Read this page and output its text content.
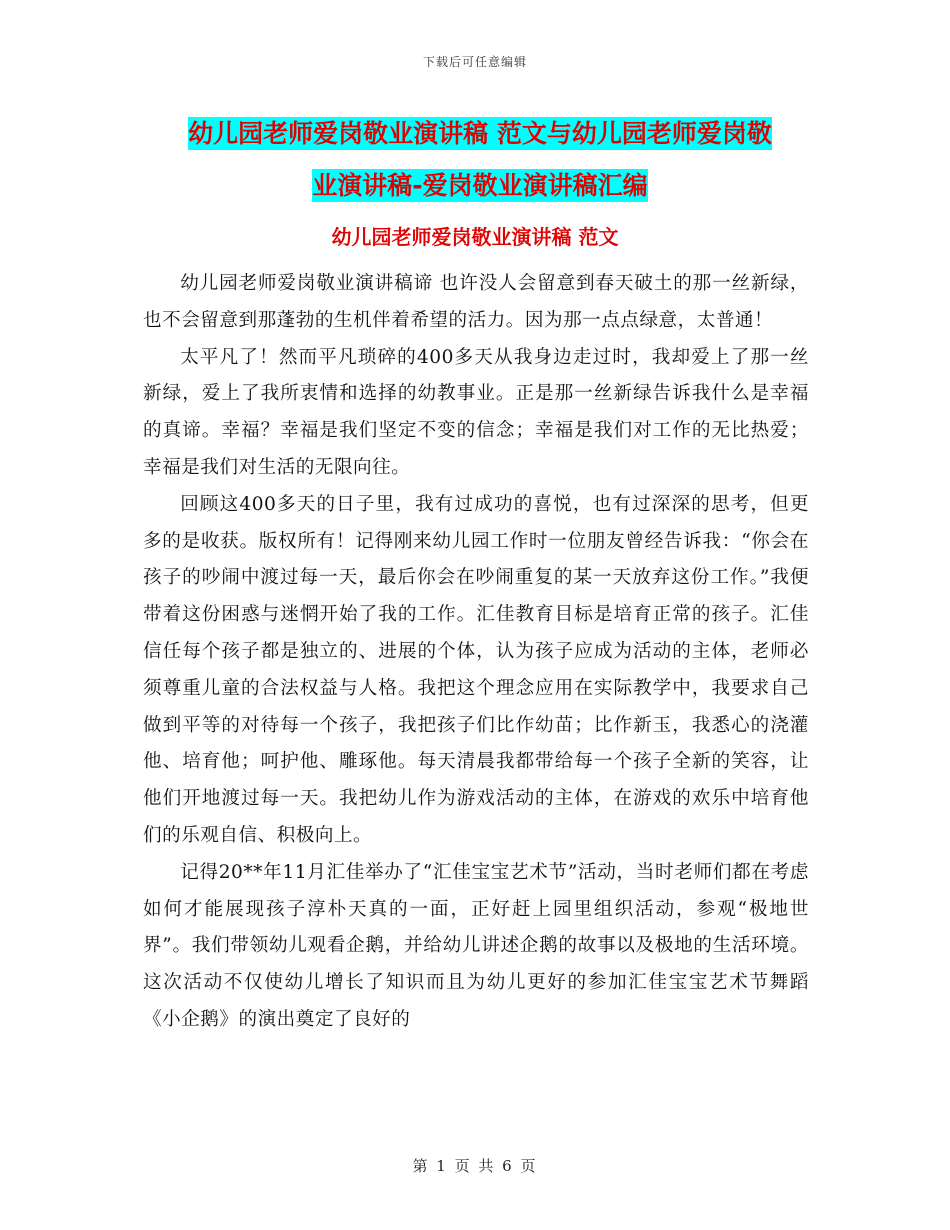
下载后可任意编辑
幼儿园老师爱岗敬业演讲稿 范文与幼儿园老师爱岗敬
业演讲稿-爱岗敬业演讲稿汇编
幼儿园老师爱岗敬业演讲稿 范文

幼儿园老师爱岗敬业演讲稿谛 也许没人会留意到春天破土的那一丝新绿，也不会留意到那蓬勃的生机伴着希望的活力。因为那一点点绿意，太普通！

太平凡了！然而平凡琐碎的400多天从我身边走过时，我却爱上了那一丝新绿，爱上了我所衷情和选择的幼教事业。正是那一丝新绿告诉我什么是幸福的真谛。幸福？幸福是我们坚定不变的信念；幸福是我们对工作的无比热爱；幸福是我们对生活的无限向往。

回顾这400多天的日子里，我有过成功的喜悦，也有过深深的思考，但更多的是收获。版权所有！记得刚来幼儿园工作时一位朋友曾经告诉我：“你会在孩子的吵闹中渡过每一天，最后你会在吵闹重复的某一天放弃这份工作。”我便带着这份困惑与迷惘开始了我的工作。汇佳教育目标是培育正常的孩子。汇佳信任每个孩子都是独立的、进展的个体，认为孩子应成为活动的主体，老师必须尊重儿童的合法权益与人格。我把这个理念应用在实际教学中，我要求自己做到平等的对待每一个孩子，我把孩子们比作幼苗；比作新玉，我悉心的浇灌他、培育他；呵护他、雕琢他。每天清晨我都带给每一个孩子全新的笑容，让他们开地渡过每一天。我把幼儿作为游戏活动的主体，在游戏的欢乐中培育他们的乐观自信、积极向上。

记得20**年11月汇佳举办了“汇佳宝宝艺术节”活动，当时老师们都在考虑如何才能展现孩子淳朴天真的一面，正好赶上园里组织活动，参观“极地世界”。我们带领幼儿观看企鹅，并给幼儿讲述企鹅的故事以及极地的生活环境。这次活动不仅使幼儿增长了知识而且为幼儿更好的参加汇佳宝宝艺术节舞蹈《小企鹅》的演出奠定了良好的

第 1 页 共 6 页
